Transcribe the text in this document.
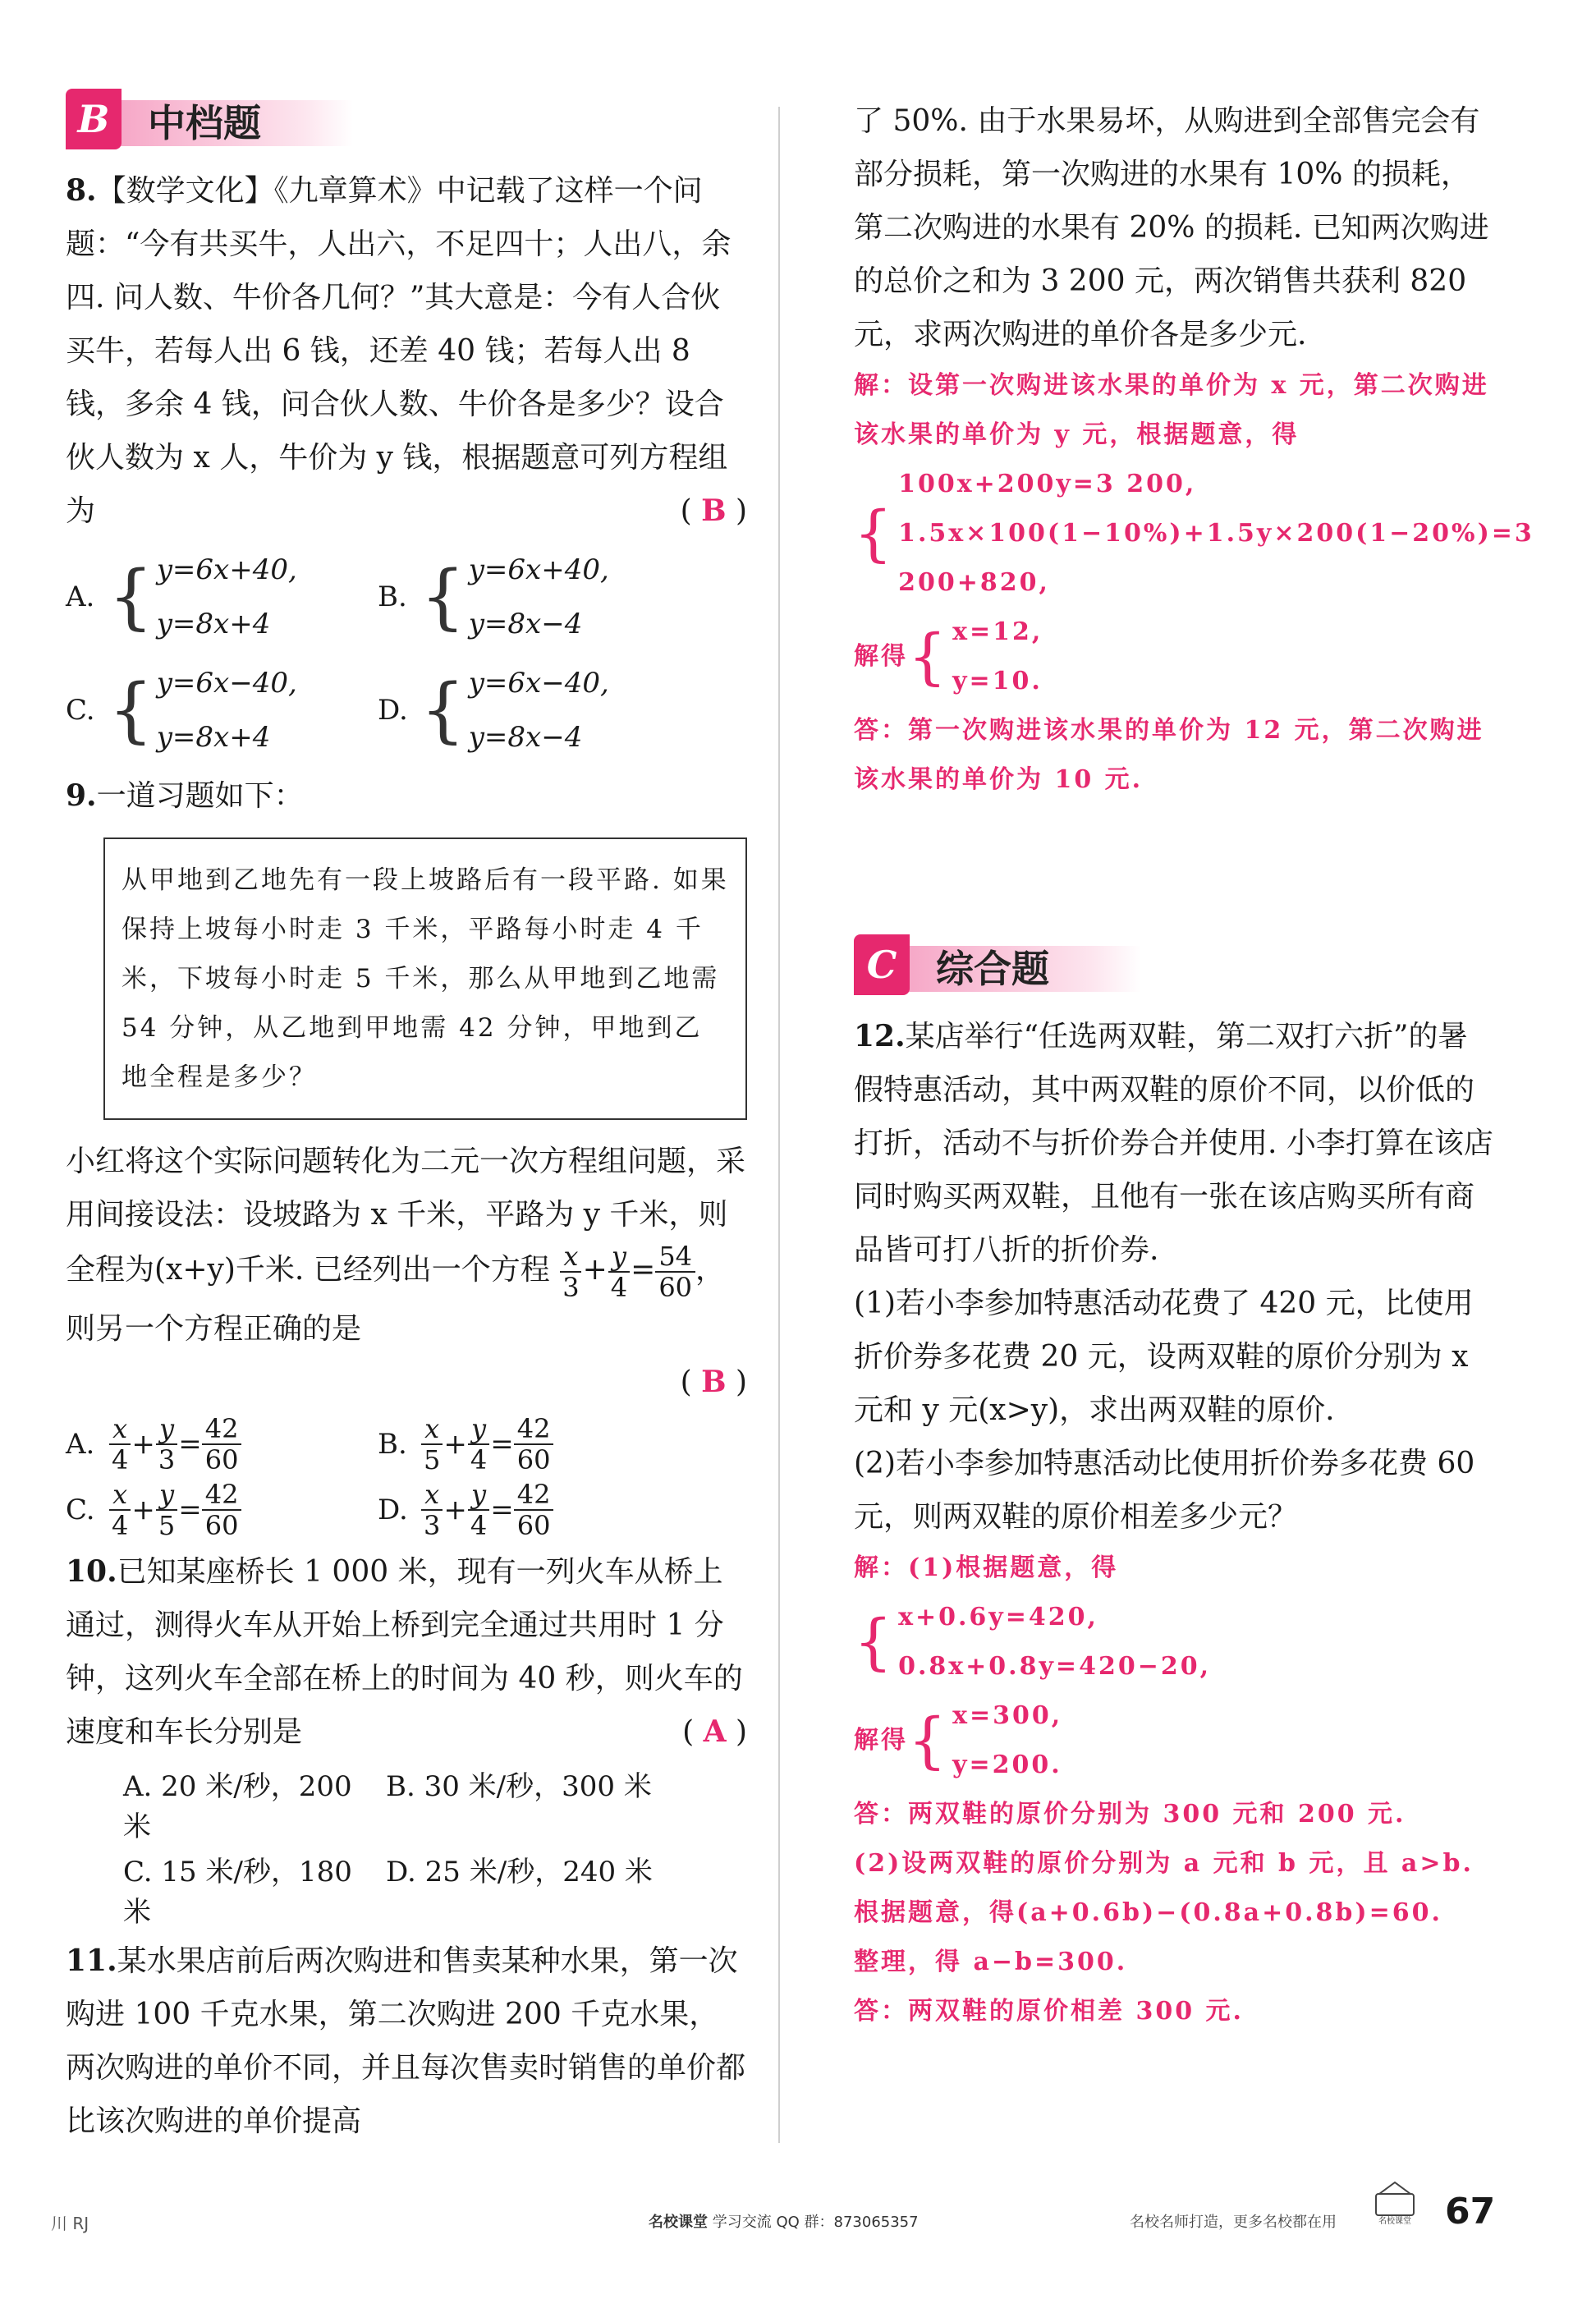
B	中档题

8.【数学文化】《九章算术》中记载了这样一个问题：“今有共买牛，人出六，不足四十；人出八，余四. 问人数、牛价各几何？”其大意是：今有人合伙买牛，若每人出 6 钱，还差 40 钱；若每人出 8 钱，多余 4 钱，问合伙人数、牛价各是多少？设合伙人数为 x 人，牛价为 y 钱，根据题意可列方程组为	( B )

A. { y=6x+40,
y=8x+4
B. { y=6x+40,
y=8x−4
C. { y=6x−40,
y=8x+4
D. { y=6x−40,
y=8x−4

9.一道习题如下：

从甲地到乙地先有一段上坡路后有一段平路. 如果保持上坡每小时走 3 千米，平路每小时走 4 千米，下坡每小时走 5 千米，那么从甲地到乙地需 54 分钟，从乙地到甲地需 42 分钟，甲地到乙地全程是多少？

小红将这个实际问题转化为二元一次方程组问题，采用间接设法：设坡路为 x 千米，平路为 y 千米，则全程为(x+y)千米. 已经列出一个方程 $\frac{x}{3} + \frac{y}{4} = \frac{54}{60}$ ，则另一个方程正确的是

( B )

A. $\frac{x}{4} + \frac{y}{3} = \frac{42}{60}$	B. $\frac{x}{5} + \frac{y}{4} = \frac{42}{60}$
C. $\frac{x}{4} + \frac{y}{5} = \frac{42}{60}$	D. $\frac{x}{3} + \frac{y}{4} = \frac{42}{60}$

10.已知某座桥长 1 000 米，现有一列火车从桥上通过，测得火车从开始上桥到完全通过共用时 1 分钟，这列火车全部在桥上的时间为 40 秒，则火车的速度和车长分别是	( A )

A. 20 米/秒，200 米
B. 30 米/秒，300 米
C. 15 米/秒，180 米
D. 25 米/秒，240 米

11.某水果店前后两次购进和售卖某种水果，第一次购进 100 千克水果，第二次购进 200 千克水果，两次购进的单价不同，并且每次售卖时销售的单价都比该次购进的单价提高

了 50%. 由于水果易坏，从购进到全部售完会有部分损耗，第一次购进的水果有 10% 的损耗，第二次购进的水果有 20% 的损耗. 已知两次购进的总价之和为 3 200 元，两次销售共获利 820 元，求两次购进的单价各是多少元.

解：设第一次购进该水果的单价为 x 元，第二次购进该水果的单价为 y 元，根据题意，得
{
100x+200y=3 200,
1.5x×100(1−10%)+1.5y×200(1−20%)=3 200+820,
解得 { x=12,
y=10.
答：第一次购进该水果的单价为 12 元，第二次购进该水果的单价为 10 元.
C	综合题

12.某店举行“任选两双鞋，第二双打六折”的暑假特惠活动，其中两双鞋的原价不同，以价低的打折，活动不与折价券合并使用. 小李打算在该店同时购买两双鞋，且他有一张在该店购买所有商品皆可打八折的折价券.

(1)若小李参加特惠活动花费了 420 元，比使用折价券多花费 20 元，设两双鞋的原价分别为 x 元和 y 元(x>y)，求出两双鞋的原价.

(2)若小李参加特惠活动比使用折价券多花费 60 元，则两双鞋的原价相差多少元？

解：(1)根据题意，得
{ x+0.6y=420,
0.8x+0.8y=420−20,
解得 { x=300,
y=200.
答：两双鞋的原价分别为 300 元和 200 元.
(2)设两双鞋的原价分别为 a 元和 b 元，且 a>b.
根据题意，得(a+0.6b)−(0.8a+0.8b)=60.
整理，得 a−b=300.
答：两双鞋的原价相差 300 元.
川 RJ	名校课堂 学习交流 QQ 群：873065357	名校名师打造，更多名校都在用	名校课堂 67
